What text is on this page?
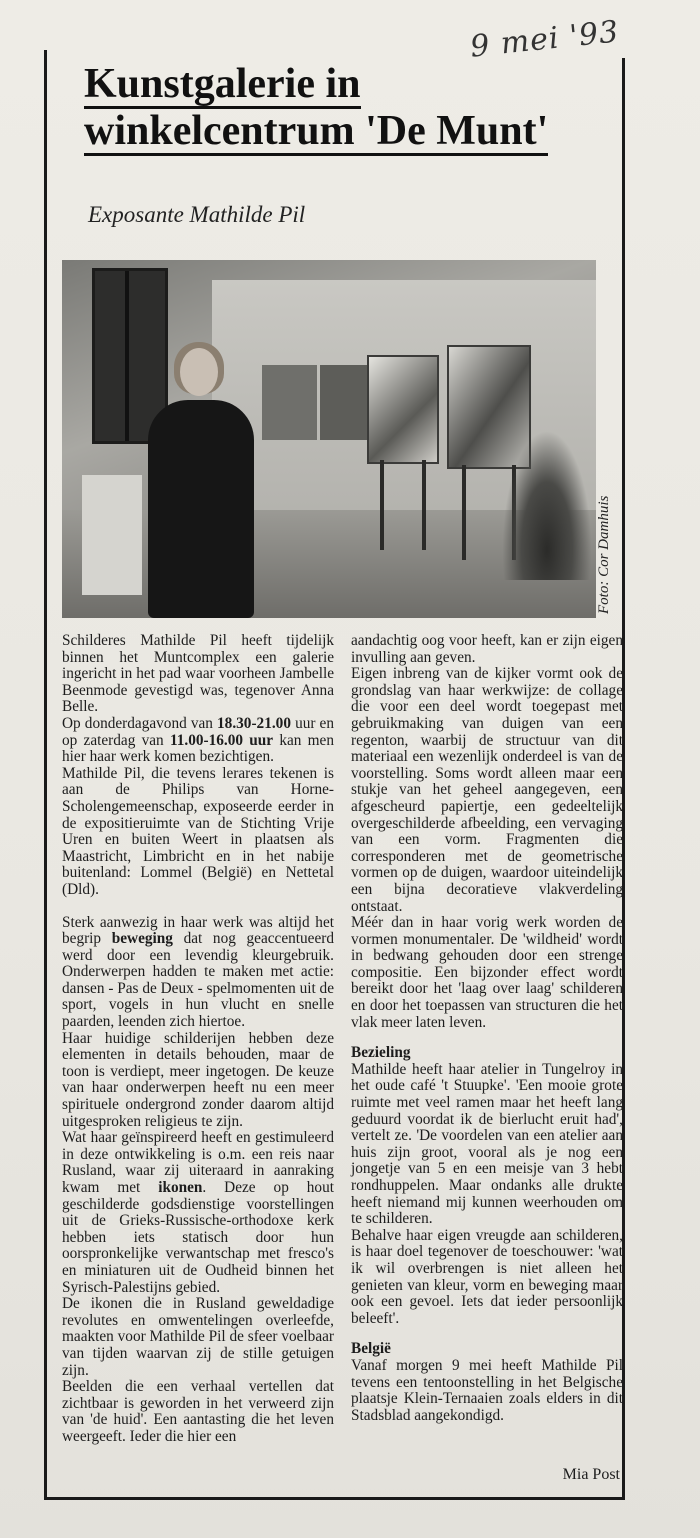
9 mei '93
Kunstgalerie in
winkelcentrum 'De Munt'
Exposante Mathilde Pil
Foto: Cor Damhuis

Schilderes Mathilde Pil heeft tijdelijk binnen het Muntcomplex een galerie ingericht in het pad waar voorheen Jambelle Beenmode gevestigd was, tegenover Anna Belle.

Op donderdagavond van 18.30-21.00 uur en op zaterdag van 11.00-16.00 uur kan men hier haar werk komen bezichtigen.

Mathilde Pil, die tevens lerares tekenen is aan de Philips van Horne-Scholengemeenschap, exposeerde eerder in de expositieruimte van de Stichting Vrije Uren en buiten Weert in plaatsen als Maastricht, Limbricht en in het nabije buitenland: Lommel (België) en Nettetal (Dld).

Sterk aanwezig in haar werk was altijd het begrip beweging dat nog geaccentueerd werd door een levendig kleurgebruik. Onderwerpen hadden te maken met actie: dansen - Pas de Deux - spelmomenten uit de sport, vogels in hun vlucht en snelle paarden, leenden zich hiertoe.

Haar huidige schilderijen hebben deze elementen in details behouden, maar de toon is verdiept, meer ingetogen. De keuze van haar onderwerpen heeft nu een meer spirituele ondergrond zonder daarom altijd uitgesproken religieus te zijn.

Wat haar geïnspireerd heeft en gestimuleerd in deze ontwikkeling is o.m. een reis naar Rusland, waar zij uiteraard in aanraking kwam met ikonen. Deze op hout geschilderde godsdienstige voorstellingen uit de Grieks-Russische-orthodoxe kerk hebben iets statisch door hun oorspronkelijke verwantschap met fresco's en miniaturen uit de Oudheid binnen het Syrisch-Palestijns gebied.

De ikonen die in Rusland geweldadige revolutes en omwentelingen overleefde, maakten voor Mathilde Pil de sfeer voelbaar van tijden waarvan zij de stille getuigen zijn.

Beelden die een verhaal vertellen dat zichtbaar is geworden in het verweerd zijn van 'de huid'. Een aantasting die het leven weergeeft. Ieder die hier een

aandachtig oog voor heeft, kan er zijn eigen invulling aan geven.

Eigen inbreng van de kijker vormt ook de grondslag van haar werkwijze: de collage die voor een deel wordt toegepast met gebruikmaking van duigen van een regenton, waarbij de structuur van dit materiaal een wezenlijk onderdeel is van de voorstelling. Soms wordt alleen maar een stukje van het geheel aangegeven, een afgescheurd papiertje, een gedeeltelijk overgeschilderde afbeelding, een vervaging van een vorm. Fragmenten die corresponderen met de geometrische vormen op de duigen, waardoor uiteindelijk een bijna decoratieve vlakverdeling ontstaat.

Méér dan in haar vorig werk worden de vormen monumentaler. De 'wildheid' wordt in bedwang gehouden door een strenge compositie. Een bijzonder effect wordt bereikt door het 'laag over laag' schilderen en door het toepassen van structuren die het vlak meer laten leven.

Bezieling

Mathilde heeft haar atelier in Tungelroy in het oude café 't Stuupke'. 'Een mooie grote ruimte met veel ramen maar het heeft lang geduurd voordat ik de bierlucht eruit had', vertelt ze. 'De voordelen van een atelier aan huis zijn groot, vooral als je nog een jongetje van 5 en een meisje van 3 hebt rondhuppelen. Maar ondanks alle drukte heeft niemand mij kunnen weerhouden om te schilderen.

Behalve haar eigen vreugde aan schilderen, is haar doel tegenover de toeschouwer: 'wat ik wil overbrengen is niet alleen het genieten van kleur, vorm en beweging maar ook een gevoel. Iets dat ieder persoonlijk beleeft'.

België

Vanaf morgen 9 mei heeft Mathilde Pil tevens een tentoonstelling in het Belgische plaatsje Klein-Ternaaien zoals elders in dit Stadsblad aangekondigd.

Mia Post
